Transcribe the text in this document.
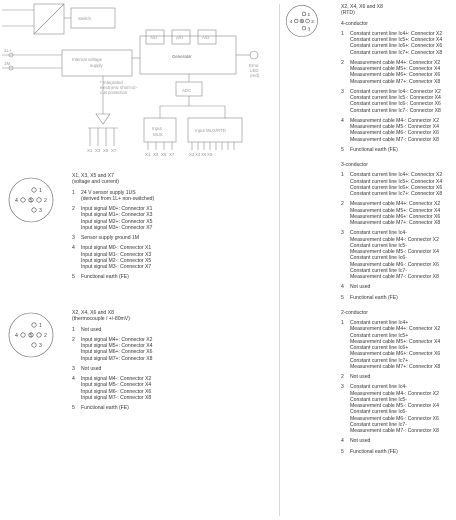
Switch
1L+
1M
Internal voltage supply
A/D	A/D	A/D
Generator
Error LED (red)
* Integrated electronic short-cir- cuit protection	ADC
Input MUX
Input MUX/RTD
X1 X3 X5 X7
X1 X3 X5 X7	X2 X4 X6 X8
1
2
3
4 5
X1, X3, X5 and X7
(voltage and current)
1 24 V sensor supply 1US
(derived from 1L+ non-switched)
2 Input signal M0+: Connector X1
Input signal M1+: Connector X3
Input signal M2+: Connector X5
Input signal M3+: Connector X7
3 Sensor supply ground 1M
4 Input signal M0-: Connector X1
Input signal M1-: Connector X3
Input signal M2-: Connector X5
Input signal M3-: Connector X7
5 Functional earth (FE)
1
2
3
4 5
X2, X4, X6 and X8
(thermocouple / +/-80mV)
1 Not used
2 Input signal M4+: Connector X2
Input signal M5+: Connector X4
Input signal M6+: Connector X6
Input signal M7+: Connector X8
3 Not used
4 Input signal M4-: Connector X2
Input signal M5-: Connector X4
Input signal M6-: Connector X6
Input signal M7-: Connector X8
5 Functional earth (FE)
1
2
3
4 5
X2, X4, X6 and X8
(RTD)
4-conductor
1 Constant current line Ic4+: Connector X2
Constant current line Ic5+: Connector X4
Constant current line Ic6+: Connector X6
Constant current line Ic7+: Connector X8
2 Measurement cable M4+: Connector X2
Measurement cable M5+: Connector X4
Measurement cable M6+: Connector X6
Measurement cable M7+: Connector X8
3 Constant current line Ic4-: Connector X2
Constant current line Ic5-: Connector X4
Constant current line Ic6-: Connector X6
Constant current line Ic7-: Connector X8
4 Measurement cable M4-: Connector X2
Measurement cable M5-: Connector X4
Measurement cable M6-: Connector X6
Measurement cable M7-: Connector X8
5 Functional earth (FE)
3-conductor
1 Constant current line Ic4+: Connector X2
Constant current line Ic5+: Connector X4
Constant current line Ic6+: Connector X6
Constant current line Ic7+: Connector X8
2 Measurement cable M4+: Connector X2
Measurement cable M5+: Connector X4
Measurement cable M6+: Connector X6
Measurement cable M7+: Connector X8
3 Constant current line Ic4-
Measurement cable M4-: Connector X2
Constant current line Ic5-
Measurement cable M5-: Connector X4
Constant current line Ic6-
Measurement cable M6-: Connector X6
Constant current line Ic7-
Measurement cable M7-: Connector X8
4 Not used
5 Functional earth (FE)
2-conductor
1 Constant current line Ic4+
Measurement cable M4+: Connector X2
Constant current line Ic5+
Measurement cable M5+: Connector X4
Constant current line Ic6+
Measurement cable M6+: Connector X6
Constant current line Ic7+
Measurement cable M7+: Connector X8
2 Not used
3 Constant current line Ic4-
Measurement cable M4-: Connector X2
Constant current line Ic5-
Measurement cable M5-: Connector X4
Constant current line Ic6-
Measurement cable M6-: Connector X6
Constant current line Ic7-
Measurement cable M7-: Connector X8
4 Not used
5 Functional earth (FE)
